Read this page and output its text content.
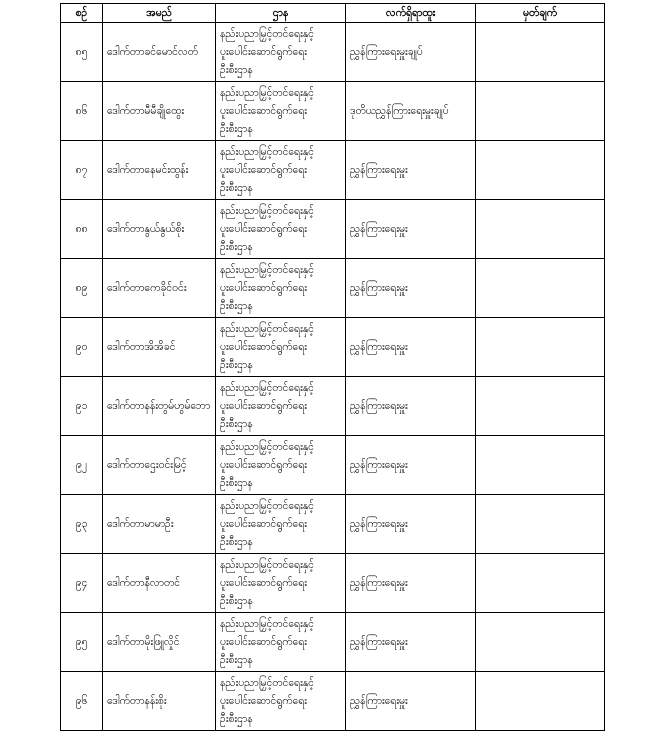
စဉ်	အမည်	ဌာန	လက်ရှိရာထူး	မှတ်ချက်
၈၅	ဒေါက်တာခင်မောင်လတ်	နည်းပညာမြှင့်တင်ရေးနှင့်
ပူးပေါင်းဆောင်ရွက်ရေး
ဦးစီးဌာန	ညွှန်ကြားရေးမှူးချုပ်	
၈၆	ဒေါက်တာမီမီချိုထွေး	နည်းပညာမြှင့်တင်ရေးနှင့်
ပူးပေါင်းဆောင်ရွက်ရေး
ဦးစီးဌာန	ဒုတိယညွှန်ကြားရေးမှူးချုပ်	
၈၇	ဒေါက်တာနေမင်းထွန်း	နည်းပညာမြှင့်တင်ရေးနှင့်
ပူးပေါင်းဆောင်ရွက်ရေး
ဦးစီးဌာန	ညွှန်ကြားရေးမှူး	
၈၈	ဒေါက်တာနွယ်နွယ်စိုး	နည်းပညာမြှင့်တင်ရေးနှင့်
ပူးပေါင်းဆောင်ရွက်ရေး
ဦးစီးဌာန	ညွှန်ကြားရေးမှူး	
၈၉	ဒေါက်တာကေခိုင်ဝင်း	နည်းပညာမြှင့်တင်ရေးနှင့်
ပူးပေါင်းဆောင်ရွက်ရေး
ဦးစီးဌာန	ညွှန်ကြားရေးမှူး	
၉၀	ဒေါက်တာအိအိခင်	နည်းပညာမြှင့်တင်ရေးနှင့်
ပူးပေါင်းဆောင်ရွက်ရေး
ဦးစီးဌာန	ညွှန်ကြားရေးမှူး	
၉၁	ဒေါက်တာနန်းတွမ်ဟွမ်ဘော	နည်းပညာမြှင့်တင်ရေးနှင့်
ပူးပေါင်းဆောင်ရွက်ရေး
ဦးစီးဌာန	ညွှန်ကြားရေးမှူး	
၉၂	ဒေါက်တာဌေးဝင်းမြင့်	နည်းပညာမြှင့်တင်ရေးနှင့်
ပူးပေါင်းဆောင်ရွက်ရေး
ဦးစီးဌာန	ညွှန်ကြားရေးမှူး	
၉၃	ဒေါက်တာမာမာဦး	နည်းပညာမြှင့်တင်ရေးနှင့်
ပူးပေါင်းဆောင်ရွက်ရေး
ဦးစီးဌာန	ညွှန်ကြားရေးမှူး	
၉၄	ဒေါက်တာနီလာတင်	နည်းပညာမြှင့်တင်ရေးနှင့်
ပူးပေါင်းဆောင်ရွက်ရေး
ဦးစီးဌာန	ညွှန်ကြားရေးမှူး	
၉၅	ဒေါက်တာမိုးဖြူလှိုင်	နည်းပညာမြှင့်တင်ရေးနှင့်
ပူးပေါင်းဆောင်ရွက်ရေး
ဦးစီးဌာန	ညွှန်ကြားရေးမှူး	
၉၆	ဒေါက်တာနန်းစိုး	နည်းပညာမြှင့်တင်ရေးနှင့်
ပူးပေါင်းဆောင်ရွက်ရေး
ဦးစီးဌာန	ညွှန်ကြားရေးမှူး	
